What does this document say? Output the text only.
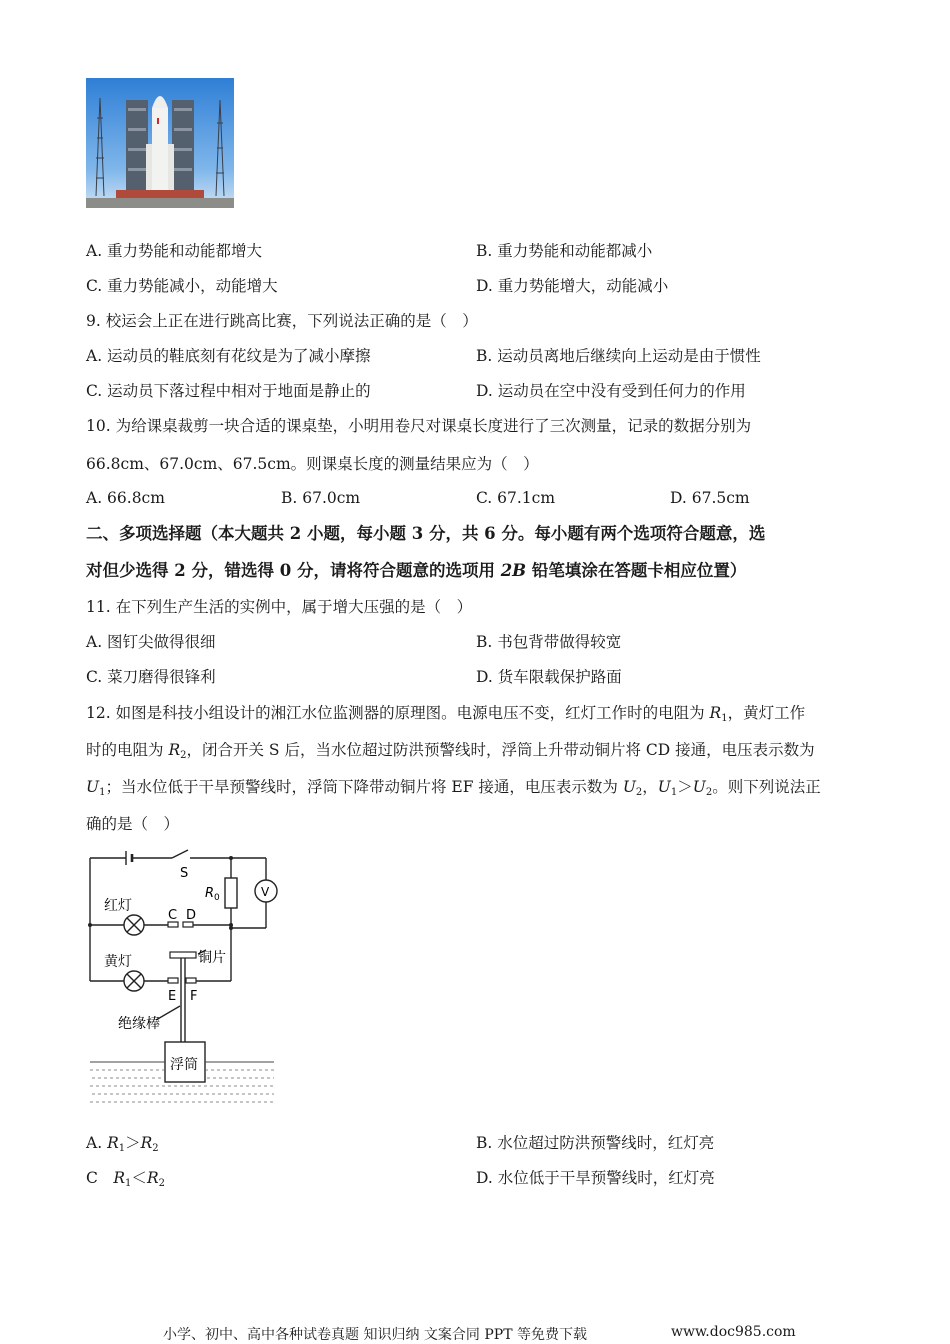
A. 重力势能和动能都增大	B. 重力势能和动能都减小
C. 重力势能减小，动能增大	D. 重力势能增大，动能减小
9. 校运会上正在进行跳高比赛，下列说法正确的是（　）
A. 运动员的鞋底刻有花纹是为了减小摩擦	B. 运动员离地后继续向上运动是由于惯性
C. 运动员下落过程中相对于地面是静止的	D. 运动员在空中没有受到任何力的作用
10. 为给课桌裁剪一块合适的课桌垫，小明用卷尺对课桌长度进行了三次测量，记录的数据分别为
66.8cm、67.0cm、67.5cm。则课桌长度的测量结果应为（　）
A. 66.8cm	B. 67.0cm	C. 67.1cm	D. 67.5cm
二、多项选择题（本大题共 2 小题，每小题 3 分，共 6 分。每小题有两个选项符合题意，选
对但少选得 2 分，错选得 0 分，请将符合题意的选项用 2B 铅笔填涂在答题卡相应位置）
11. 在下列生产生活的实例中，属于增大压强的是（　）
A. 图钉尖做得很细	B. 书包背带做得较宽
C. 菜刀磨得很锋利	D. 货车限载保护路面
12. 如图是科技小组设计的湘江水位监测器的原理图。电源电压不变，红灯工作时的电阻为 $R_1$，黄灯工作
时的电阻为 $R_2$，闭合开关 S 后，当水位超过防洪预警线时，浮筒上升带动铜片将 CD 接通，电压表示数为
$U_1$；当水位低于干旱预警线时，浮筒下降带动铜片将 EF 接通，电压表示数为 $U_2$，$U_1>U_2$。则下列说法正
确的是（　）
S
$R_0$	V
红灯
C D
黄灯	铜片
E F
绝缘棒
浮筒
A. $R_1>R_2$	B. 水位超过防洪预警线时，红灯亮
C　$R_1<R_2$	D. 水位低于干旱预警线时，红灯亮
小学、初中、高中各种试卷真题 知识归纳 文案合同 PPT 等免费下载	www.doc985.com
